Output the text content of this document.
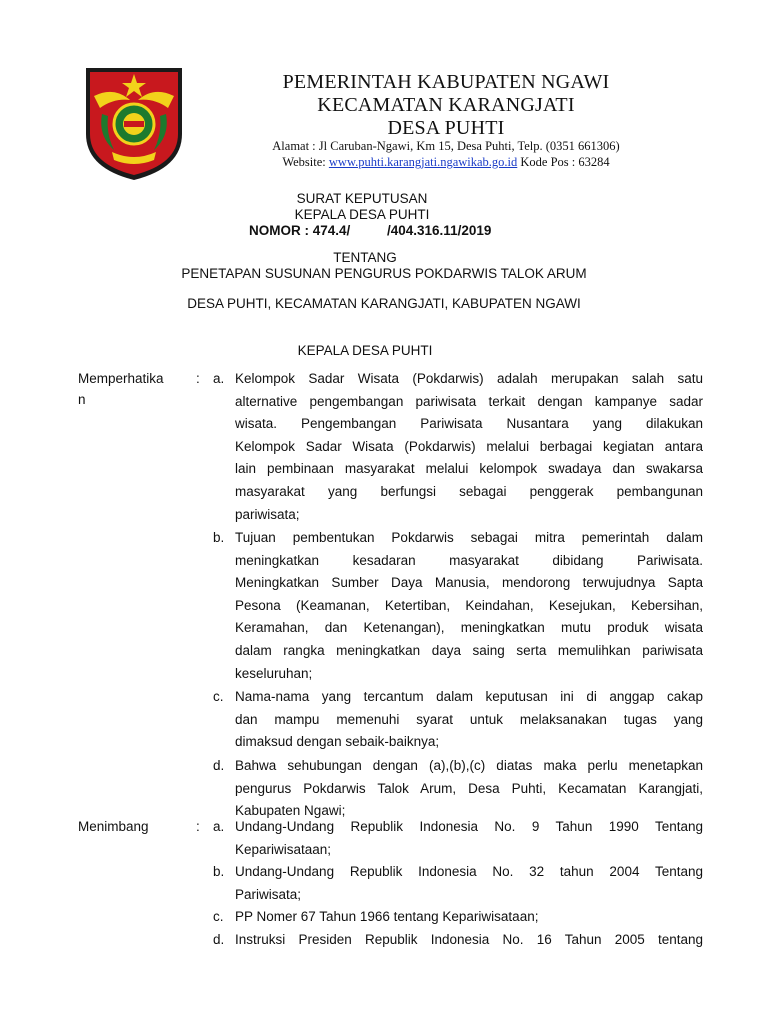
PEMERINTAH KABUPATEN NGAWI
KECAMATAN KARANGJATI
DESA PUHTI
Alamat : Jl Caruban-Ngawi, Km 15, Desa Puhti, Telp. (0351 661306)
Website: www.puhti.karangjati.ngawikab.go.id Kode Pos : 63284
SURAT KEPUTUSAN
KEPALA DESA PUHTI
NOMOR : 474.4/	/404.316.11/2019
TENTANG
PENETAPAN SUSUNAN PENGURUS POKDARWIS TALOK ARUM
DESA PUHTI, KECAMATAN KARANGJATI, KABUPATEN NGAWI
KEPALA DESA PUHTI
Memperhatika
n
: a. Kelompok Sadar Wisata (Pokdarwis) adalah merupakan salah satu
alternative pengembangan pariwisata terkait dengan kampanye sadar
wisata. Pengembangan Pariwisata Nusantara yang dilakukan
Kelompok Sadar Wisata (Pokdarwis) melalui berbagai kegiatan antara
lain pembinaan masyarakat melalui kelompok swadaya dan swakarsa
masyarakat yang berfungsi sebagai penggerak pembangunan
pariwisata;
b. Tujuan pembentukan Pokdarwis sebagai mitra pemerintah dalam
meningkatkan kesadaran masyarakat dibidang Pariwisata.
Meningkatkan Sumber Daya Manusia, mendorong terwujudnya Sapta
Pesona (Keamanan, Ketertiban, Keindahan, Kesejukan, Kebersihan,
Keramahan, dan Ketenangan), meningkatkan mutu produk wisata
dalam rangka meningkatkan daya saing serta memulihkan pariwisata
keseluruhan;
c. Nama-nama yang tercantum dalam keputusan ini di anggap cakap
dan mampu memenuhi syarat untuk melaksanakan tugas yang
dimaksud dengan sebaik-baiknya;
d. Bahwa sehubungan dengan (a),(b),(c) diatas maka perlu menetapkan
pengurus Pokdarwis Talok Arum, Desa Puhti, Kecamatan Karangjati,
Kabupaten Ngawi;
Menimbang	: a. Undang-Undang Republik Indonesia No. 9 Tahun 1990 Tentang
Kepariwisataan;
b. Undang-Undang Republik Indonesia No. 32 tahun 2004 Tentang
Pariwisata;
c. PP Nomer 67 Tahun 1966 tentang Kepariwisataan;
d. Instruksi Presiden Republik Indonesia No. 16 Tahun 2005 tentang
